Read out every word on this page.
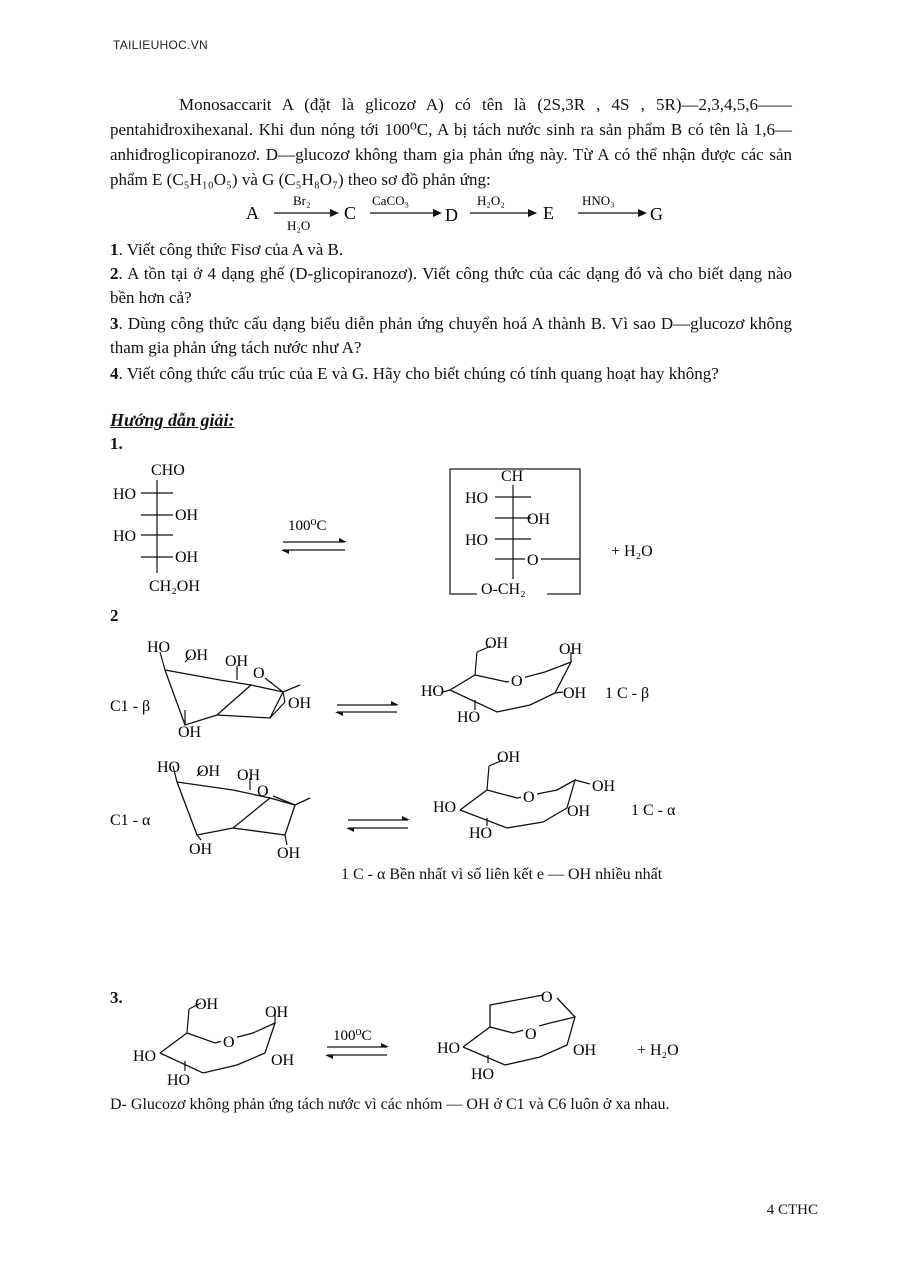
TAILIEUHOC.VN
Monosaccarit A (đặt là glicozơ A) có tên là (2S,3R , 4S , 5R)—2,3,4,5,6——pentahiđroxihexanal. Khi đun nóng tới 100⁰C, A bị tách nước sinh ra sản phẩm B có tên là 1,6—anhiđroglicopiranozơ. D—glucozơ không tham gia phản ứng này. Từ A có thể nhận được các sản phẩm E (C₅H₁₀O₅) và G (C₅H₈O₇) theo sơ đồ phản ứng:
A
Br₂
H₂O
C
CaCO₃
D
H₂O₂
E
HNO₃
G
1. Viết công thức Fisơ của A và B.
2. A tồn tại ở 4 dạng ghế (D-glicopiranozơ). Viết công thức của các dạng đó và cho biết dạng nào bền hơn cả?
3. Dùng công thức cấu dạng biểu diễn phản ứng chuyển hoá A thành B. Vì sao D—glucozơ không tham gia phản ứng tách nước như A?
4. Viết công thức cấu trúc của E và G. Hãy cho biết chúng có tính quang hoạt hay không?
Hướng dẫn giải:
1.
CHO
HO
OH
HO
OH
CH₂OH
100⁰C
CH
HO
OH
HO
O
O-CH₂
+ H₂O
2
C1 - β
O
HO OH OH
OH
OH
O
OH	OH
OH
HO
HO
1 C - β
C1 - α
O
HO OH OH
OH	OH
O
OH
OH
OH
HO
HO
1 C - α
1 C - α Bền nhất vì số liên kết e — OH nhiều nhất
3.
O
OH	OH
OH
HO
HO
100⁰C	O
O
OH
HO
HO
+ H₂O
D- Glucozơ không phản ứng tách nước vì các nhóm — OH ở C1 và C6 luôn ở xa nhau.
4 CTHC
